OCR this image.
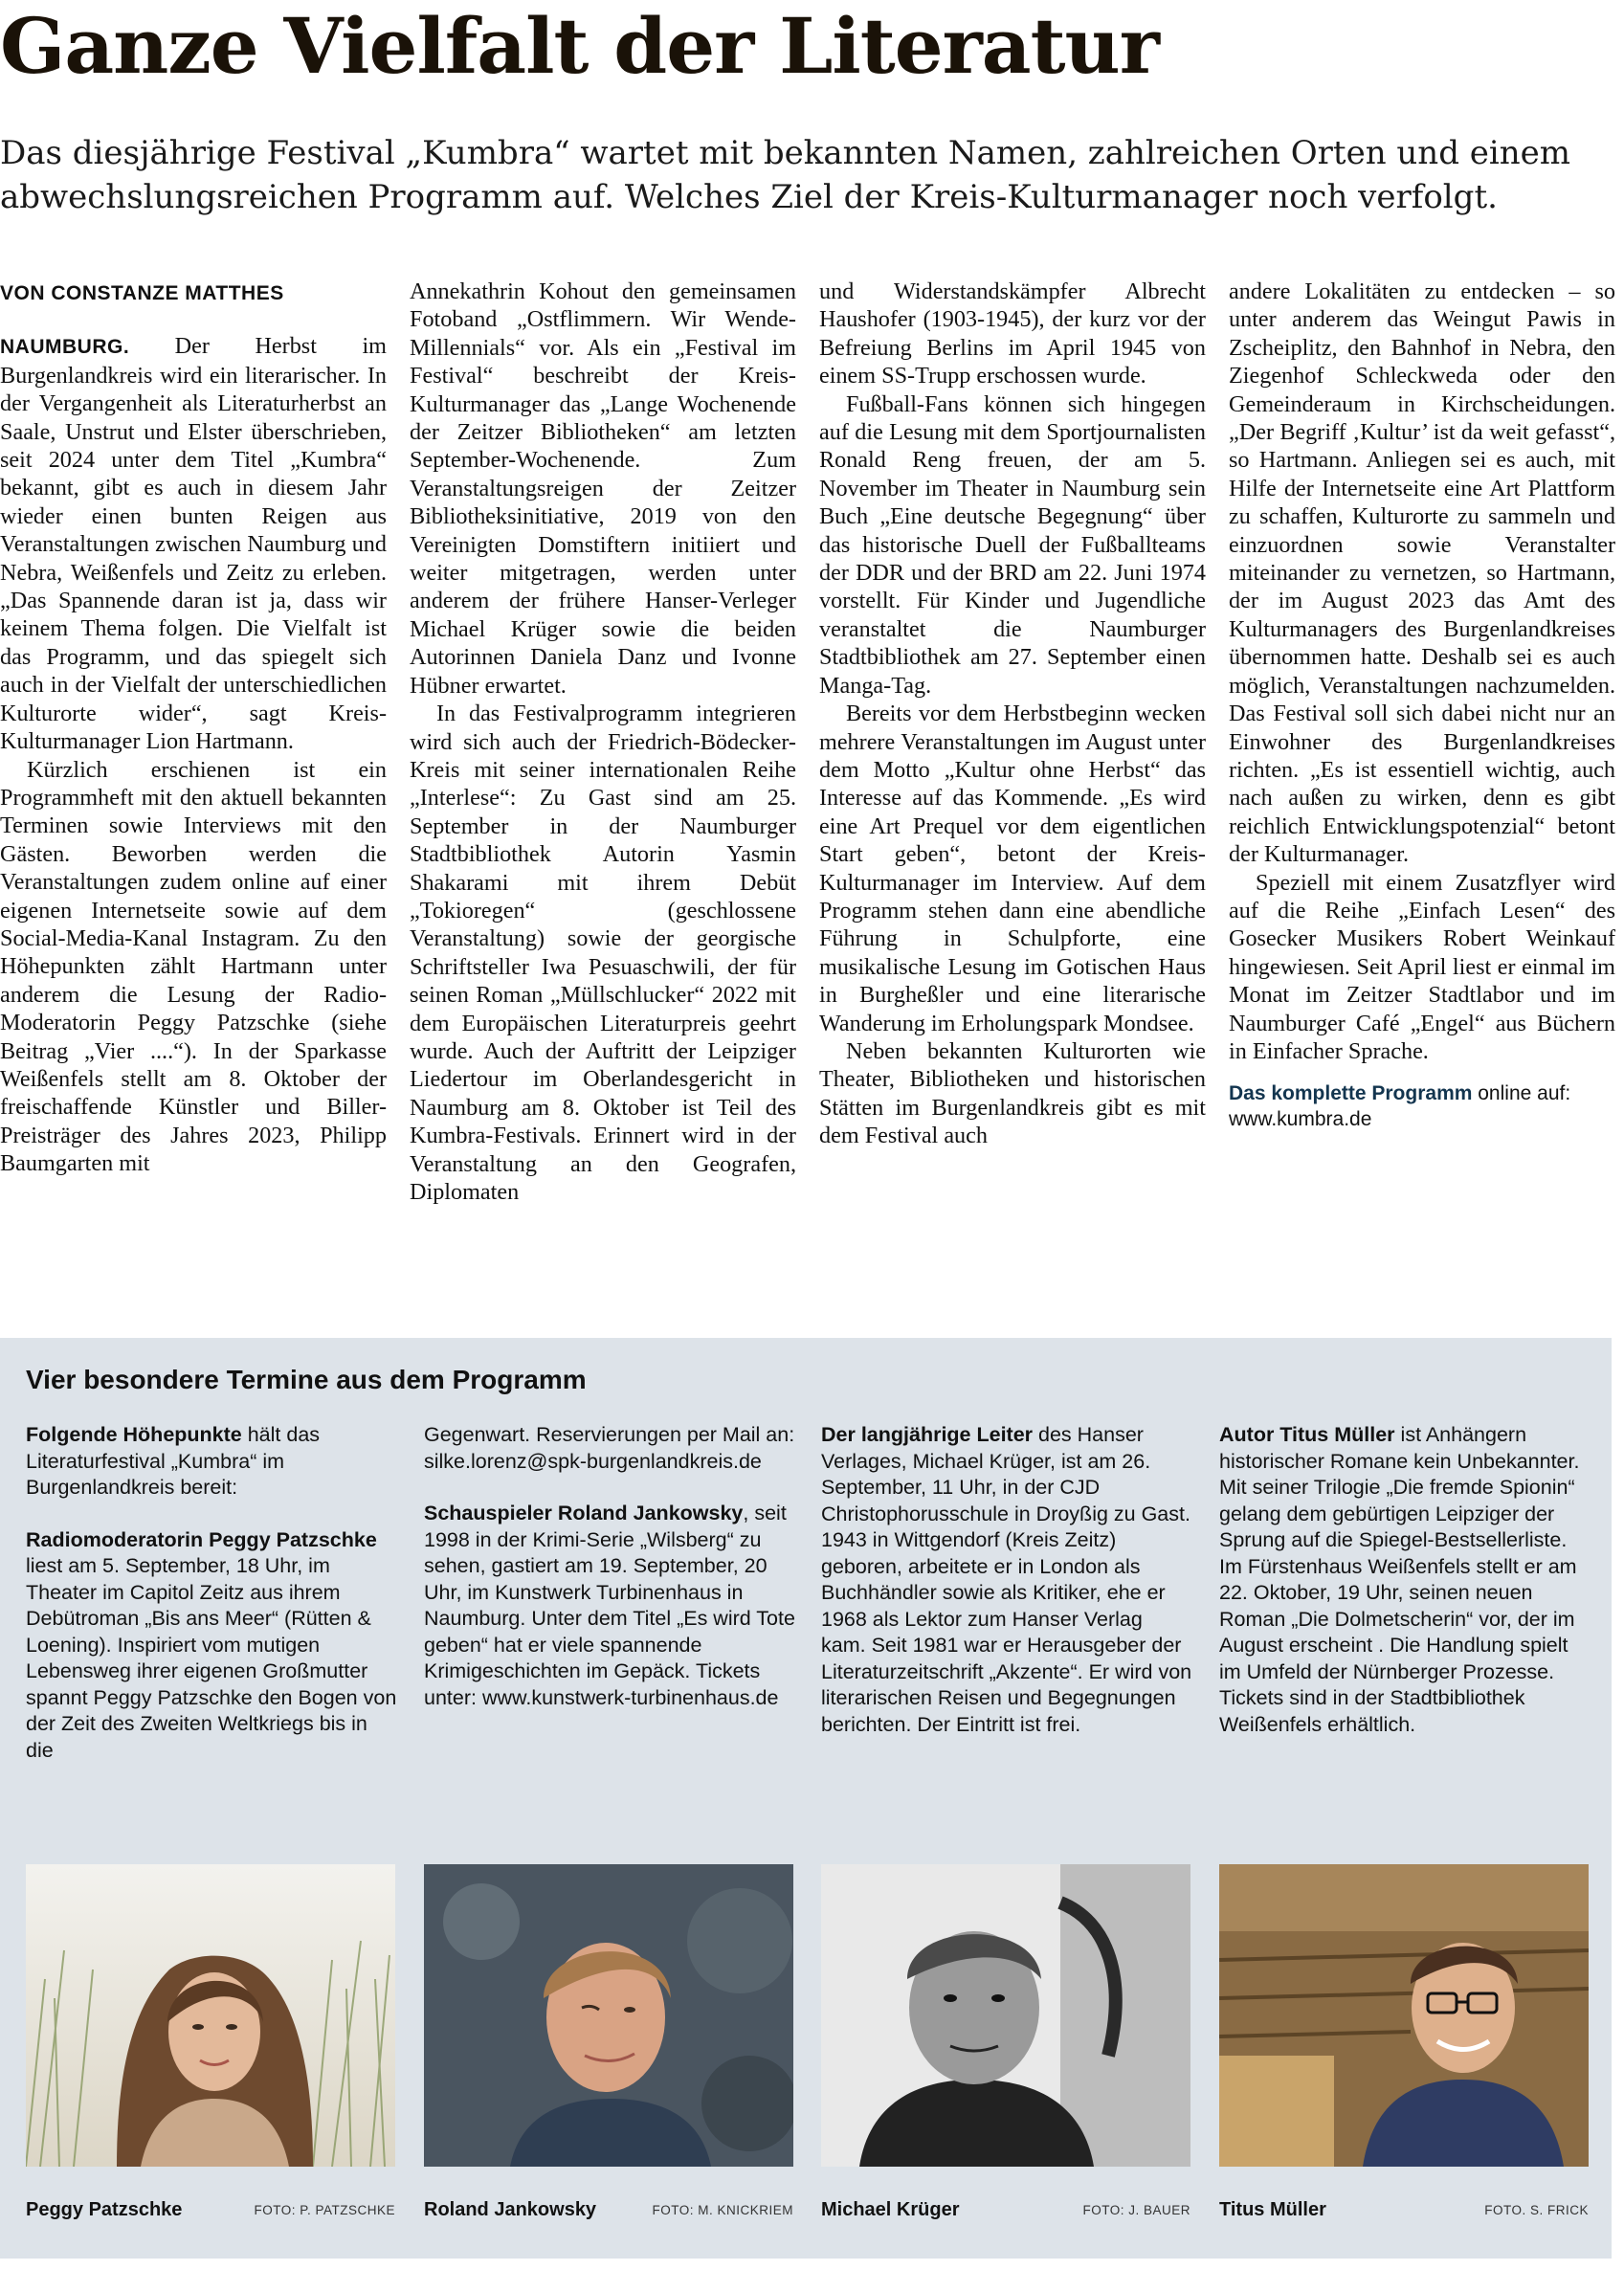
Ganze Vielfalt der Literatur

Das diesjährige Festival „Kumbra“ wartet mit bekannten Namen, zahlreichen Orten und einem abwechslungsreichen Programm auf. Welches Ziel der Kreis-Kulturmanager noch verfolgt.

VON CONSTANZE MATTHES

NAUMBURG. Der Herbst im Burgenlandkreis wird ein literarischer. In der Vergangenheit als Literaturherbst an Saale, Unstrut und Elster überschrieben, seit 2024 unter dem Titel „Kumbra“ bekannt, gibt es auch in diesem Jahr wieder einen bunten Reigen aus Veranstaltungen zwischen Naumburg und Nebra, Weißenfels und Zeitz zu erleben. „Das Spannende daran ist ja, dass wir keinem Thema folgen. Die Vielfalt ist das Programm, und das spiegelt sich auch in der Vielfalt der unterschiedlichen Kulturorte wider“, sagt Kreis-Kulturmanager Lion Hartmann.

Kürzlich erschienen ist ein Programmheft mit den aktuell bekannten Terminen sowie Interviews mit den Gästen. Beworben werden die Veranstaltungen zudem online auf einer eigenen Internetseite sowie auf dem Social-Media-Kanal Instagram. Zu den Höhepunkten zählt Hartmann unter anderem die Lesung der Radio-Moderatorin Peggy Patzschke (siehe Beitrag „Vier ....“). In der Sparkasse Weißenfels stellt am 8. Oktober der freischaffende Künstler und Biller-Preisträger des Jahres 2023, Philipp Baumgarten mit

Annekathrin Kohout den gemeinsamen Fotoband „Ostflimmern. Wir Wende-Millennials“ vor. Als ein „Festival im Festival“ beschreibt der Kreis-Kulturmanager das „Lange Wochenende der Zeitzer Bibliotheken“ am letzten September-Wochenende. Zum Veranstaltungsreigen der Zeitzer Bibliotheksinitiative, 2019 von den Vereinigten Domstiftern initiiert und weiter mitgetragen, werden unter anderem der frühere Hanser-Verleger Michael Krüger sowie die beiden Autorinnen Daniela Danz und Ivonne Hübner erwartet.

In das Festivalprogramm integrieren wird sich auch der Friedrich-Bödecker-Kreis mit seiner internationalen Reihe „Interlese“: Zu Gast sind am 25. September in der Naumburger Stadtbibliothek Autorin Yasmin Shakarami mit ihrem Debüt „Tokioregen“ (geschlossene Veranstaltung) sowie der georgische Schriftsteller Iwa Pesuaschwili, der für seinen Roman „Müllschlucker“ 2022 mit dem Europäischen Literaturpreis geehrt wurde. Auch der Auftritt der Leipziger Liedertour im Oberlandesgericht in Naumburg am 8. Oktober ist Teil des Kumbra-Festivals. Erinnert wird in der Veranstaltung an den Geografen, Diplomaten

und Widerstandskämpfer Albrecht Haushofer (1903-1945), der kurz vor der Befreiung Berlins im April 1945 von einem SS-Trupp erschossen wurde.

Fußball-Fans können sich hingegen auf die Lesung mit dem Sportjournalisten Ronald Reng freuen, der am 5. November im Theater in Naumburg sein Buch „Eine deutsche Begegnung“ über das historische Duell der Fußballteams der DDR und der BRD am 22. Juni 1974 vorstellt. Für Kinder und Jugendliche veranstaltet die Naumburger Stadtbibliothek am 27. September einen Manga-Tag.

Bereits vor dem Herbstbeginn wecken mehrere Veranstaltungen im August unter dem Motto „Kultur ohne Herbst“ das Interesse auf das Kommende. „Es wird eine Art Prequel vor dem eigentlichen Start geben“, betont der Kreis-Kulturmanager im Interview. Auf dem Programm stehen dann eine abendliche Führung in Schulpforte, eine musikalische Lesung im Gotischen Haus in Burgheßler und eine literarische Wanderung im Erholungspark Mondsee.

Neben bekannten Kulturorten wie Theater, Bibliotheken und historischen Stätten im Burgenlandkreis gibt es mit dem Festival auch

andere Lokalitäten zu entdecken – so unter anderem das Weingut Pawis in Zscheiplitz, den Bahnhof in Nebra, den Ziegenhof Schleckweda oder den Gemeinderaum in Kirchscheidungen. „Der Begriff ‚Kultur’ ist da weit gefasst“, so Hartmann. Anliegen sei es auch, mit Hilfe der Internetseite eine Art Plattform zu schaffen, Kulturorte zu sammeln und einzuordnen sowie Veranstalter miteinander zu vernetzen, so Hartmann, der im August 2023 das Amt des Kulturmanagers des Burgenlandkreises übernommen hatte. Deshalb sei es auch möglich, Veranstaltungen nachzumelden. Das Festival soll sich dabei nicht nur an Einwohner des Burgenlandkreises richten. „Es ist essentiell wichtig, auch nach außen zu wirken, denn es gibt reichlich Entwicklungspotenzial“ betont der Kulturmanager.

Speziell mit einem Zusatzflyer wird auf die Reihe „Einfach Lesen“ des Gosecker Musikers Robert Weinkauf hingewiesen. Seit April liest er einmal im Monat im Zeitzer Stadtlabor und im Naumburger Café „Engel“ aus Büchern in Einfacher Sprache.

Das komplette Programm online auf: www.kumbra.de
Vier besondere Termine aus dem Programm

Folgende Höhepunkte hält das Literaturfestival „Kumbra“ im Burgenlandkreis bereit:

Radiomoderatorin Peggy Patzschke liest am 5. September, 18 Uhr, im Theater im Capitol Zeitz aus ihrem Debütroman „Bis ans Meer“ (Rütten & Loening). Inspiriert vom mutigen Lebensweg ihrer eigenen Großmutter spannt Peggy Patzschke den Bogen von der Zeit des Zweiten Weltkriegs bis in die

Gegenwart. Reservierungen per Mail an: silke.lorenz@spk-burgenlandkreis.de

Schauspieler Roland Jankowsky, seit 1998 in der Krimi-Serie „Wilsberg“ zu sehen, gastiert am 19. September, 20 Uhr, im Kunstwerk Turbinenhaus in Naumburg. Unter dem Titel „Es wird Tote geben“ hat er viele spannende Krimigeschichten im Gepäck. Tickets unter: www.kunstwerk-turbinenhaus.de

Der langjährige Leiter des Hanser Verlages, Michael Krüger, ist am 26. September, 11 Uhr, in der CJD Christophorusschule in Droyßig zu Gast. 1943 in Wittgendorf (Kreis Zeitz) geboren, arbeitete er in London als Buchhändler sowie als Kritiker, ehe er 1968 als Lektor zum Hanser Verlag kam. Seit 1981 war er Herausgeber der Literaturzeitschrift „Akzente“. Er wird von literarischen Reisen und Begegnungen berichten. Der Eintritt ist frei.

Autor Titus Müller ist Anhängern historischer Romane kein Unbekannter. Mit seiner Trilogie „Die fremde Spionin“ gelang dem gebürtigen Leipziger der Sprung auf die Spiegel-Bestsellerliste. Im Fürstenhaus Weißenfels stellt er am 22. Oktober, 19 Uhr, seinen neuen Roman „Die Dolmetscherin“ vor, der im August erscheint . Die Handlung spielt im Umfeld der Nürnberger Prozesse. Tickets sind in der Stadtbibliothek Weißenfels erhältlich.

Peggy Patzschke	FOTO: P. PATZSCHKE Roland Jankowsky	FOTO: M. KNICKRIEM Michael Krüger	FOTO: J. BAUER Titus Müller	FOTO. S. FRICK
